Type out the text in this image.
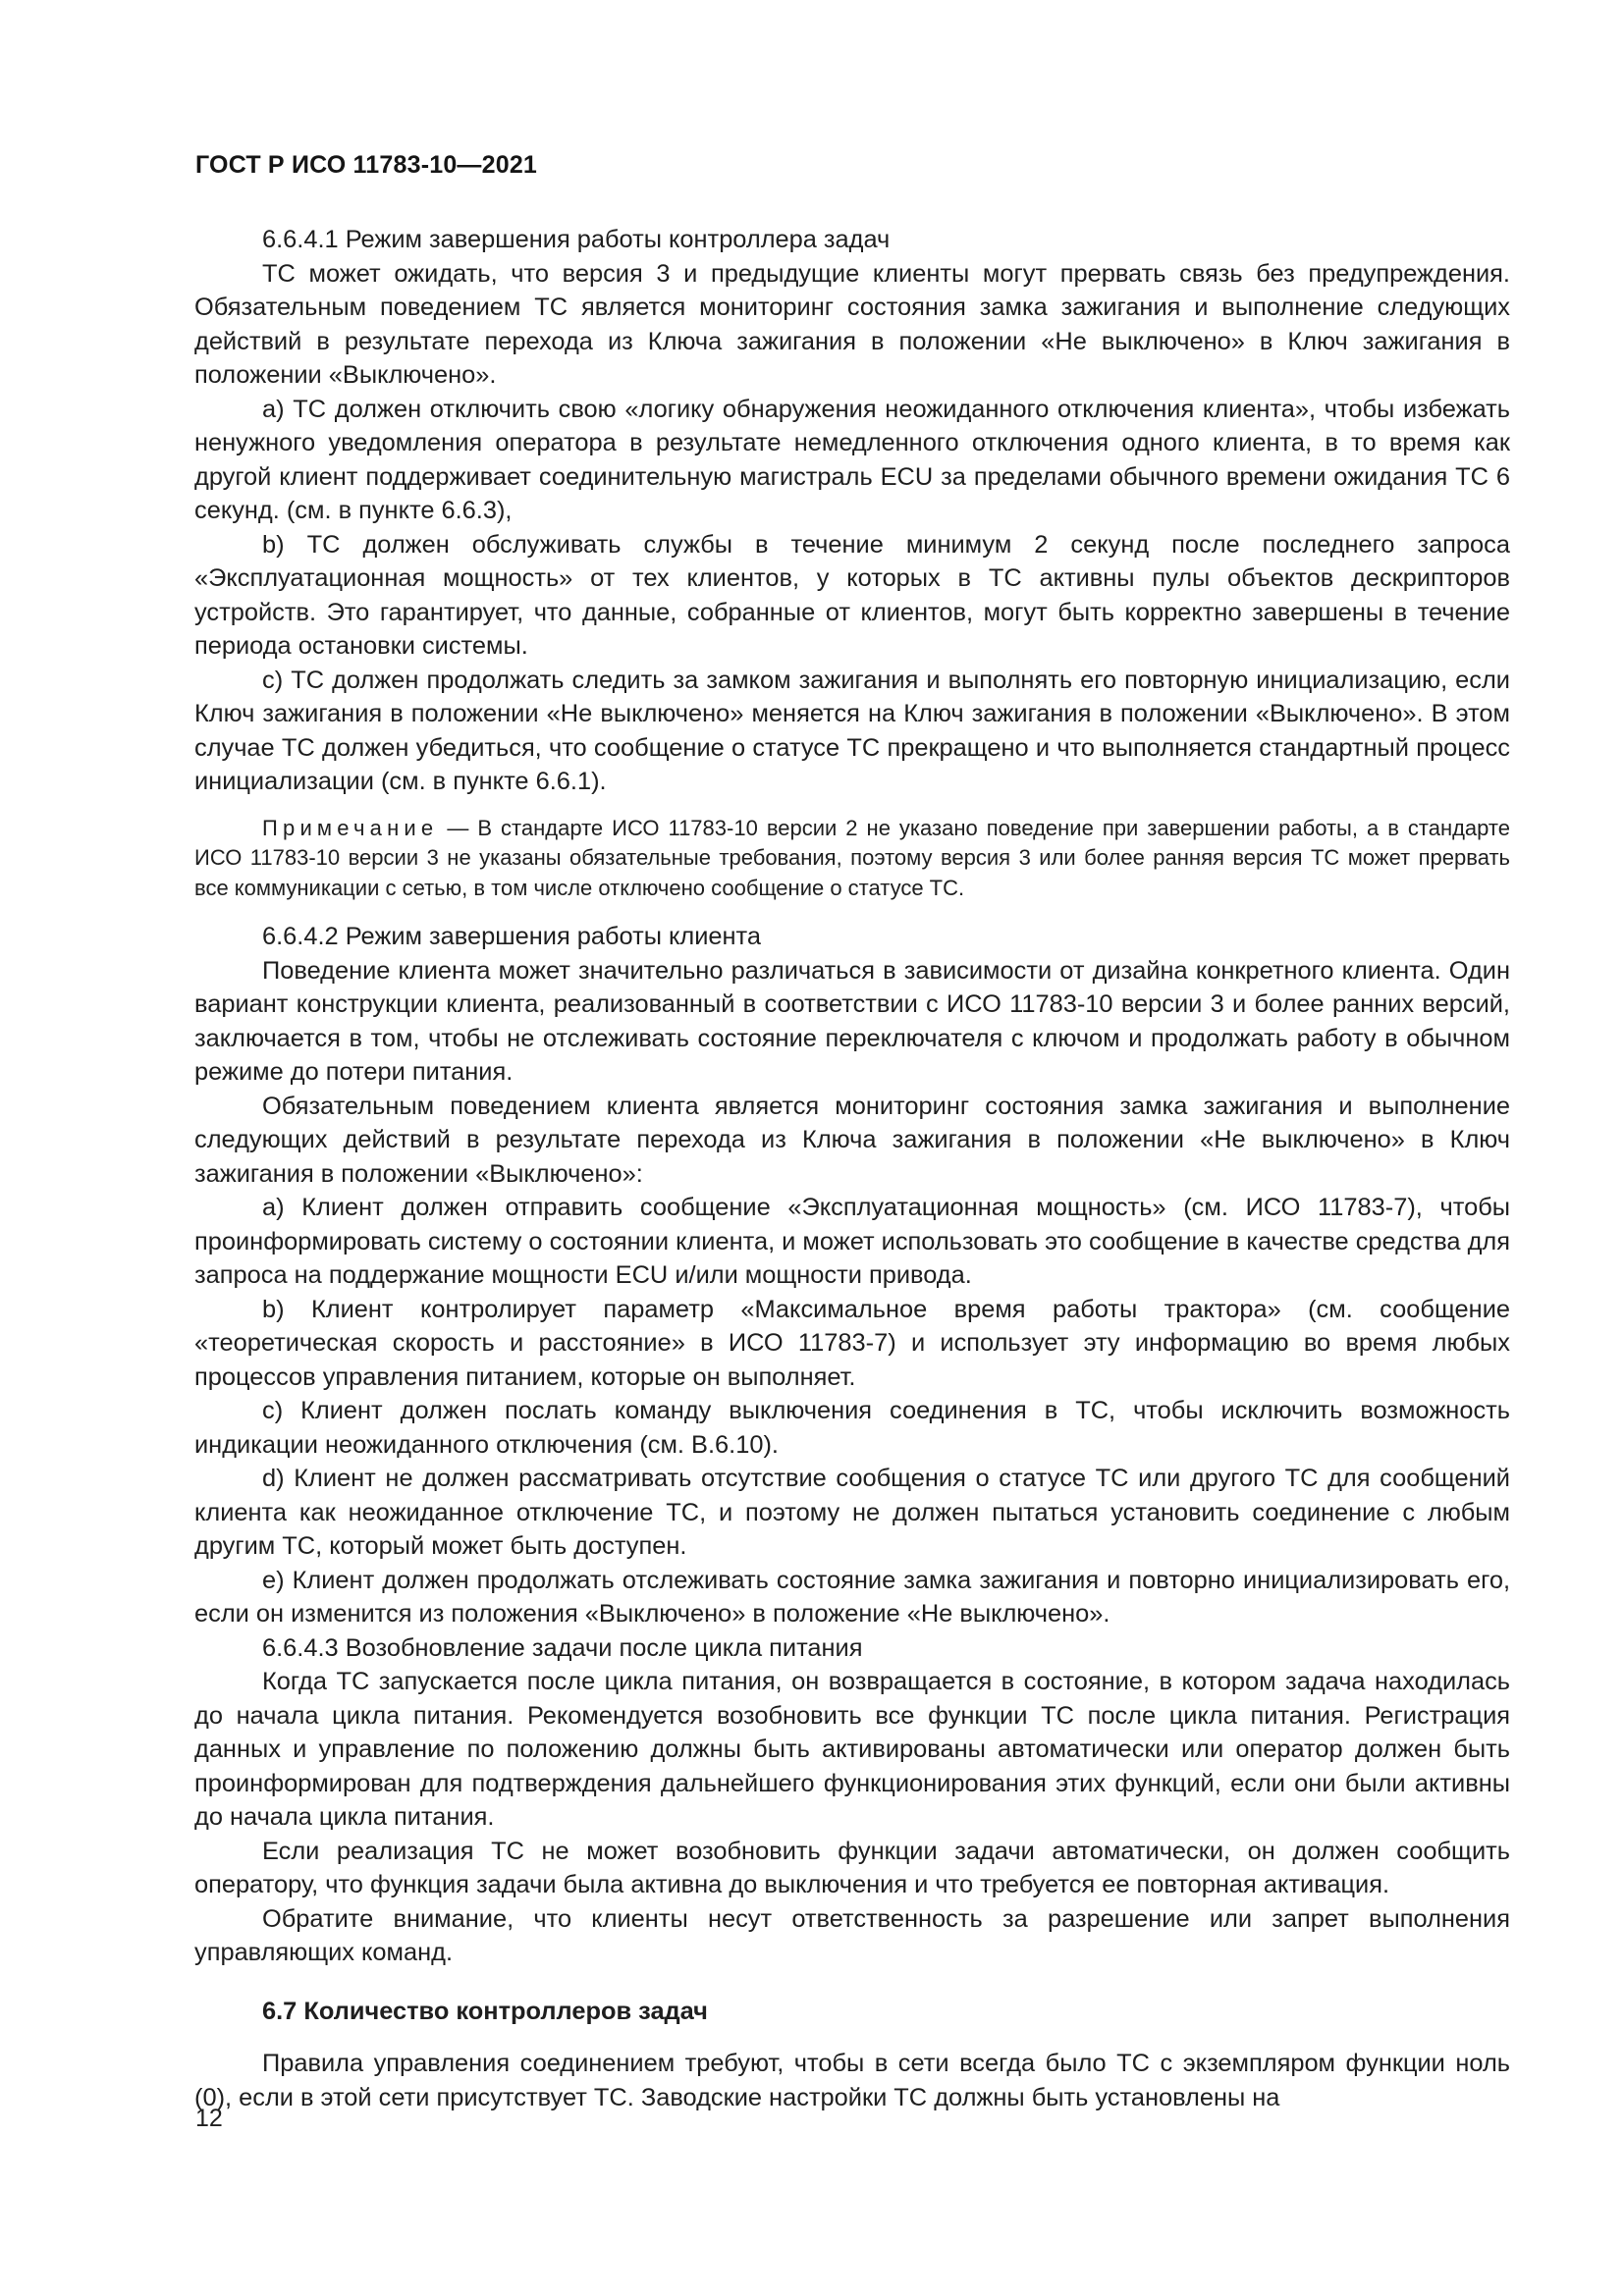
ГОСТ Р ИСО 11783-10—2021

6.6.4.1 Режим завершения работы контроллера задач

ТС может ожидать, что версия 3 и предыдущие клиенты могут прервать связь без предупреждения. Обязательным поведением ТС является мониторинг состояния замка зажигания и выполнение следующих действий в результате перехода из Ключа зажигания в положении «Не выключено» в Ключ зажигания в положении «Выключено».

a) ТС должен отключить свою «логику обнаружения неожиданного отключения клиента», чтобы избежать ненужного уведомления оператора в результате немедленного отключения одного клиента, в то время как другой клиент поддерживает соединительную магистраль ECU за пределами обычного времени ожидания ТС 6 секунд. (см. в пункте 6.6.3),

b) ТС должен обслуживать службы в течение минимум 2 секунд после последнего запроса «Эксплуатационная мощность» от тех клиентов, у которых в ТС активны пулы объектов дескрипторов устройств. Это гарантирует, что данные, собранные от клиентов, могут быть корректно завершены в течение периода остановки системы.

c) ТС должен продолжать следить за замком зажигания и выполнять его повторную инициализацию, если Ключ зажигания в положении «Не выключено» меняется на Ключ зажигания в положении «Выключено». В этом случае ТС должен убедиться, что сообщение о статусе ТС прекращено и что выполняется стандартный процесс инициализации (см. в пункте 6.6.1).

Примечание — В стандарте ИСО 11783-10 версии 2 не указано поведение при завершении работы, а в стандарте ИСО 11783-10 версии 3 не указаны обязательные требования, поэтому версия 3 или более ранняя версия ТС может прервать все коммуникации с сетью, в том числе отключено сообщение о статусе ТС.

6.6.4.2 Режим завершения работы клиента

Поведение клиента может значительно различаться в зависимости от дизайна конкретного клиента. Один вариант конструкции клиента, реализованный в соответствии с ИСО 11783-10 версии 3 и более ранних версий, заключается в том, чтобы не отслеживать состояние переключателя с ключом и продолжать работу в обычном режиме до потери питания.

Обязательным поведением клиента является мониторинг состояния замка зажигания и выполнение следующих действий в результате перехода из Ключа зажигания в положении «Не выключено» в Ключ зажигания в положении «Выключено»:

a) Клиент должен отправить сообщение «Эксплуатационная мощность» (см. ИСО 11783-7), чтобы проинформировать систему о состоянии клиента, и может использовать это сообщение в качестве средства для запроса на поддержание мощности ECU и/или мощности привода.

b) Клиент контролирует параметр «Максимальное время работы трактора» (см. сообщение «теоретическая скорость и расстояние» в ИСО 11783-7) и использует эту информацию во время любых процессов управления питанием, которые он выполняет.

c) Клиент должен послать команду выключения соединения в ТС, чтобы исключить возможность индикации неожиданного отключения (см. В.6.10).

d) Клиент не должен рассматривать отсутствие сообщения о статусе ТС или другого ТС для сообщений клиента как неожиданное отключение ТС, и поэтому не должен пытаться установить соединение с любым другим ТС, который может быть доступен.

e) Клиент должен продолжать отслеживать состояние замка зажигания и повторно инициализировать его, если он изменится из положения «Выключено» в положение «Не выключено».

6.6.4.3 Возобновление задачи после цикла питания

Когда ТС запускается после цикла питания, он возвращается в состояние, в котором задача находилась до начала цикла питания. Рекомендуется возобновить все функции ТС после цикла питания. Регистрация данных и управление по положению должны быть активированы автоматически или оператор должен быть проинформирован для подтверждения дальнейшего функционирования этих функций, если они были активны до начала цикла питания.

Если реализация ТС не может возобновить функции задачи автоматически, он должен сообщить оператору, что функция задачи была активна до выключения и что требуется ее повторная активация.

Обратите внимание, что клиенты несут ответственность за разрешение или запрет выполнения управляющих команд.

6.7 Количество контроллеров задач

Правила управления соединением требуют, чтобы в сети всегда было ТС с экземпляром функции ноль (0), если в этой сети присутствует ТС. Заводские настройки ТС должны быть установлены на

12
